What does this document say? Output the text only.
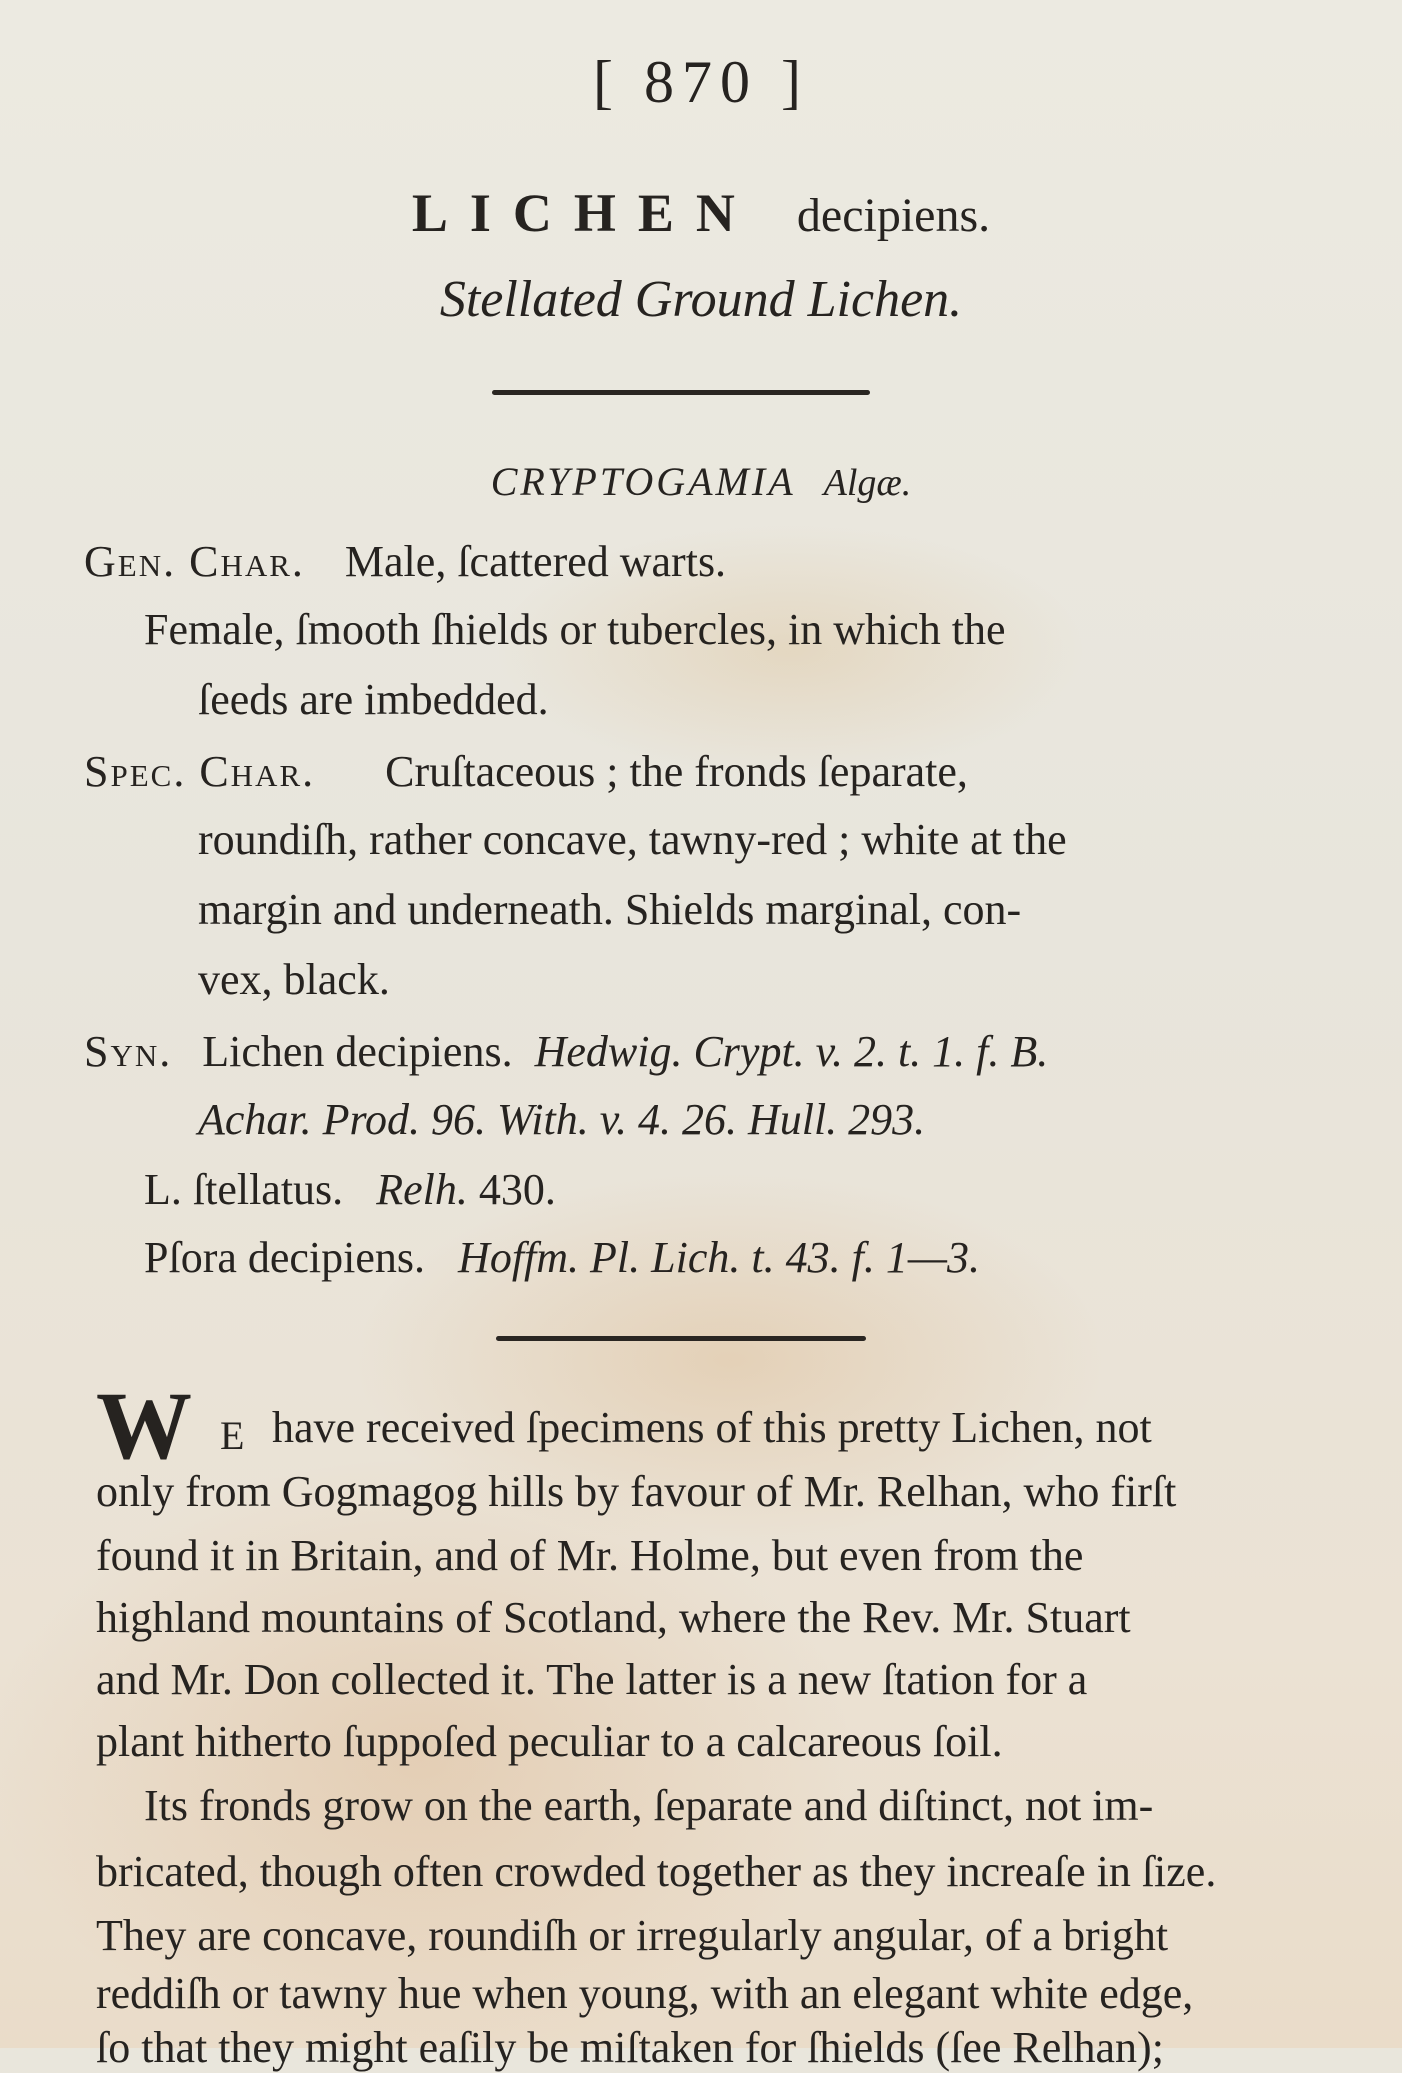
[ 870 ]
LICHEN decipiens.
Stellated Ground Lichen.
CRYPTOGAMIA Algæ.
Gen. Char. Male, ſcattered warts.
Female, ſmooth ſhields or tubercles, in which the
ſeeds are imbedded.
Spec. Char. Cruſtaceous ; the fronds ſeparate,
roundiſh, rather concave, tawny-red ; white at the
margin and underneath. Shields marginal, con-
vex, black.
Syn. Lichen decipiens. Hedwig. Crypt. v. 2. t. 1. f. B.
Achar. Prod. 96. With. v. 4. 26. Hull. 293.
L. ſtellatus. Relh. 430.
Pſora decipiens. Hoffm. Pl. Lich. t. 43. f. 1—3.
W E have received ſpecimens of this pretty Lichen, not
only from Gogmagog hills by favour of Mr. Relhan, who firſt
found it in Britain, and of Mr. Holme, but even from the
highland mountains of Scotland, where the Rev. Mr. Stuart
and Mr. Don collected it. The latter is a new ſtation for a
plant hitherto ſuppoſed peculiar to a calcareous ſoil.
Its fronds grow on the earth, ſeparate and diſtinct, not im-
bricated, though often crowded together as they increaſe in ſize.
They are concave, roundiſh or irregularly angular, of a bright
reddiſh or tawny hue when young, with an elegant white edge,
ſo that they might eaſily be miſtaken for ſhields (ſee Relhan);
